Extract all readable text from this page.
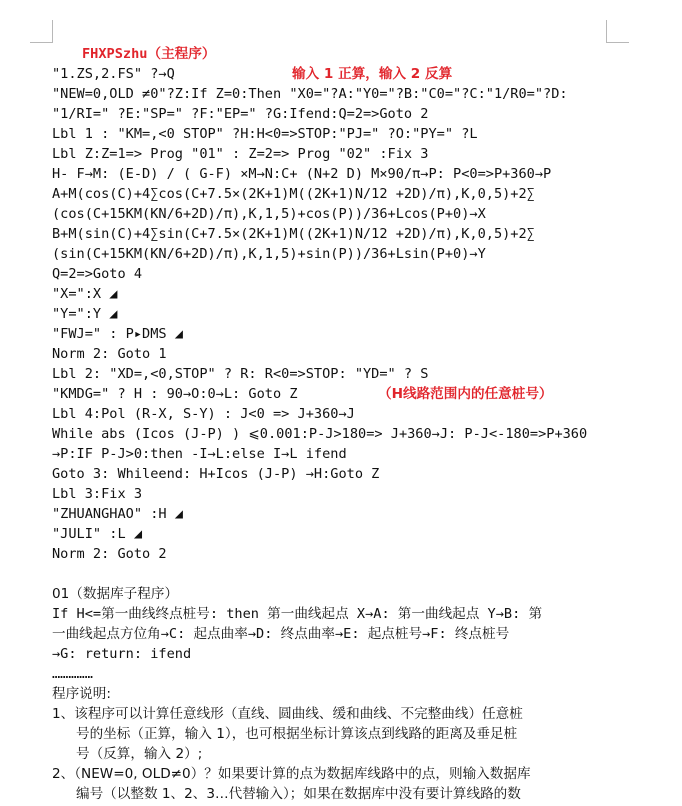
FHXPSzhu（主程序）
"1.ZS,2.FS" ?→Q	输入 1 正算，输入 2 反算
"NEW=0,OLD ≠0"?Z:If Z=0:Then "X0="?A:"Y0="?B:"C0="?C:"1/R0="?D:
"1/RI=" ?E:"SP=" ?F:"EP=" ?G:Ifend:Q=2=>Goto 2
Lbl 1 : "KM=,<0 STOP" ?H:H<0=>STOP:"PJ=" ?O:"PY=" ?L
Lbl Z:Z=1=> Prog "01" : Z=2=> Prog "02" :Fix 3
H- F→M: (E-D) / ( G-F) ×M→N:C+ (N+2 D) M×90/π→P: P<0=>P+360→P
A+M(cos(C)+4∑cos(C+7.5×(2K+1)M((2K+1)N/12 +2D)/π),K,0,5)+2∑
(cos(C+15KM(KN/6+2D)/π),K,1,5)+cos(P))/36+Lcos(P+0)→X
B+M(sin(C)+4∑sin(C+7.5×(2K+1)M((2K+1)N/12 +2D)/π),K,0,5)+2∑
(sin(C+15KM(KN/6+2D)/π),K,1,5)+sin(P))/36+Lsin(P+0)→Y
Q=2=>Goto 4
"X=":X ◢
"Y=":Y ◢
"FWJ=" : P▸DMS ◢
Norm 2: Goto 1
Lbl 2: "XD=,<0,STOP" ? R: R<0=>STOP: "YD=" ? S
"KMDG=" ? H : 90→O:0→L: Goto Z	（H线路范围内的任意桩号）
Lbl 4:Pol (R-X, S-Y) : J<0 => J+360→J
While abs (Icos (J-P) ) ⩽0.001:P-J>180=> J+360→J: P-J<-180=>P+360
→P:IF P-J>0:then -I→L:else I→L ifend
Goto 3: Whileend: H+Icos (J-P) →H:Goto Z
Lbl 3:Fix 3
"ZHUANGHAO" :H ◢
"JULI" :L ◢
Norm 2: Goto 2
01（数据库子程序）
If H<=第一曲线终点桩号: then 第一曲线起点 X→A: 第一曲线起点 Y→B: 第
一曲线起点方位角→C: 起点曲率→D: 终点曲率→E: 起点桩号→F: 终点桩号
→G: return: ifend
……………
程序说明:
1、该程序可以计算任意线形（直线、圆曲线、缓和曲线、不完整曲线）任意桩
号的坐标（正算，输入 1），也可根据坐标计算该点到线路的距离及垂足桩
号（反算，输入 2）;
2、（NEW=0, OLD≠0）？如果要计算的点为数据库线路中的点，则输入数据库
编号（以整数 1、2、3…代替输入）；如果在数据库中没有要计算线路的数
